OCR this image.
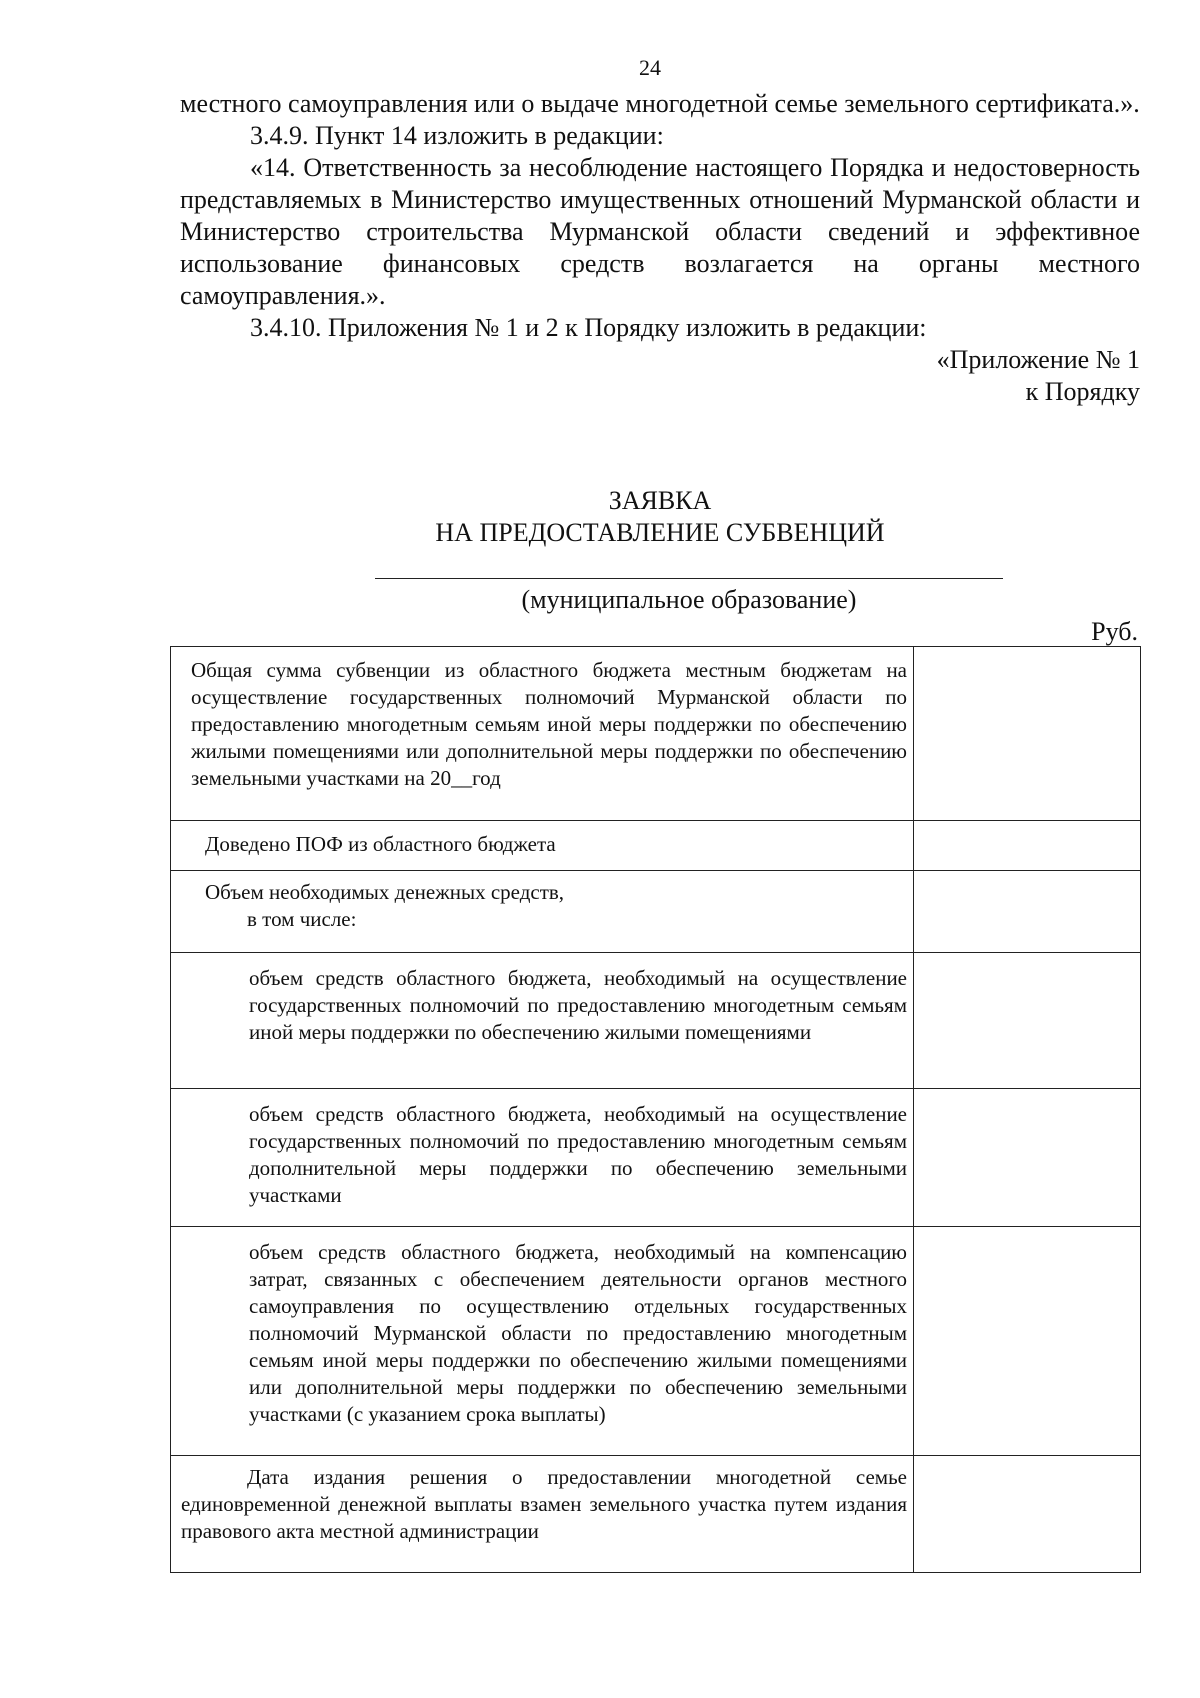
24

местного самоуправления или о выдаче многодетной семье земельного сертификата.».

3.4.9. Пункт 14 изложить в редакции:

«14. Ответственность за несоблюдение настоящего Порядка и недостоверность представляемых в Министерство имущественных отношений Мурманской области и Министерство строительства Мурманской области сведений и эффективное использование финансовых средств возлагается на органы местного самоуправления.».

3.4.10. Приложения № 1 и 2 к Порядку изложить в редакции:

«Приложение № 1

к Порядку

ЗАЯВКА
НА ПРЕДОСТАВЛЕНИЕ СУБВЕНЦИЙ
(муниципальное образование)
Руб.
Общая сумма субвенции из областного бюджета местным бюджетам на осуществление государственных полномочий Мурманской области по предоставлению многодетным семьям иной меры поддержки по обеспечению жилыми помещениями или дополнительной меры поддержки по обеспечению земельными участками на 20__год	

Доведено ПОФ из областного бюджета	

Объем необходимых денежных средств,
в том числе:	

объем средств областного бюджета, необходимый на осуществление государственных полномочий по предоставлению многодетным семьям иной меры поддержки по обеспечению жилыми помещениями	

объем средств областного бюджета, необходимый на осуществление государственных полномочий по предоставлению многодетным семьям дополнительной меры поддержки по обеспечению земельными участками	

объем средств областного бюджета, необходимый на компенсацию затрат, связанных с обеспечением деятельности органов местного самоуправления по осуществлению отдельных государственных полномочий Мурманской области по предоставлению многодетным семьям иной меры поддержки по обеспечению жилыми помещениями или дополнительной меры поддержки по обеспечению земельными участками (с указанием срока выплаты)	

Дата издания решения о предоставлении многодетной семье единовременной денежной выплаты взамен земельного участка путем издания правового акта местной администрации	
